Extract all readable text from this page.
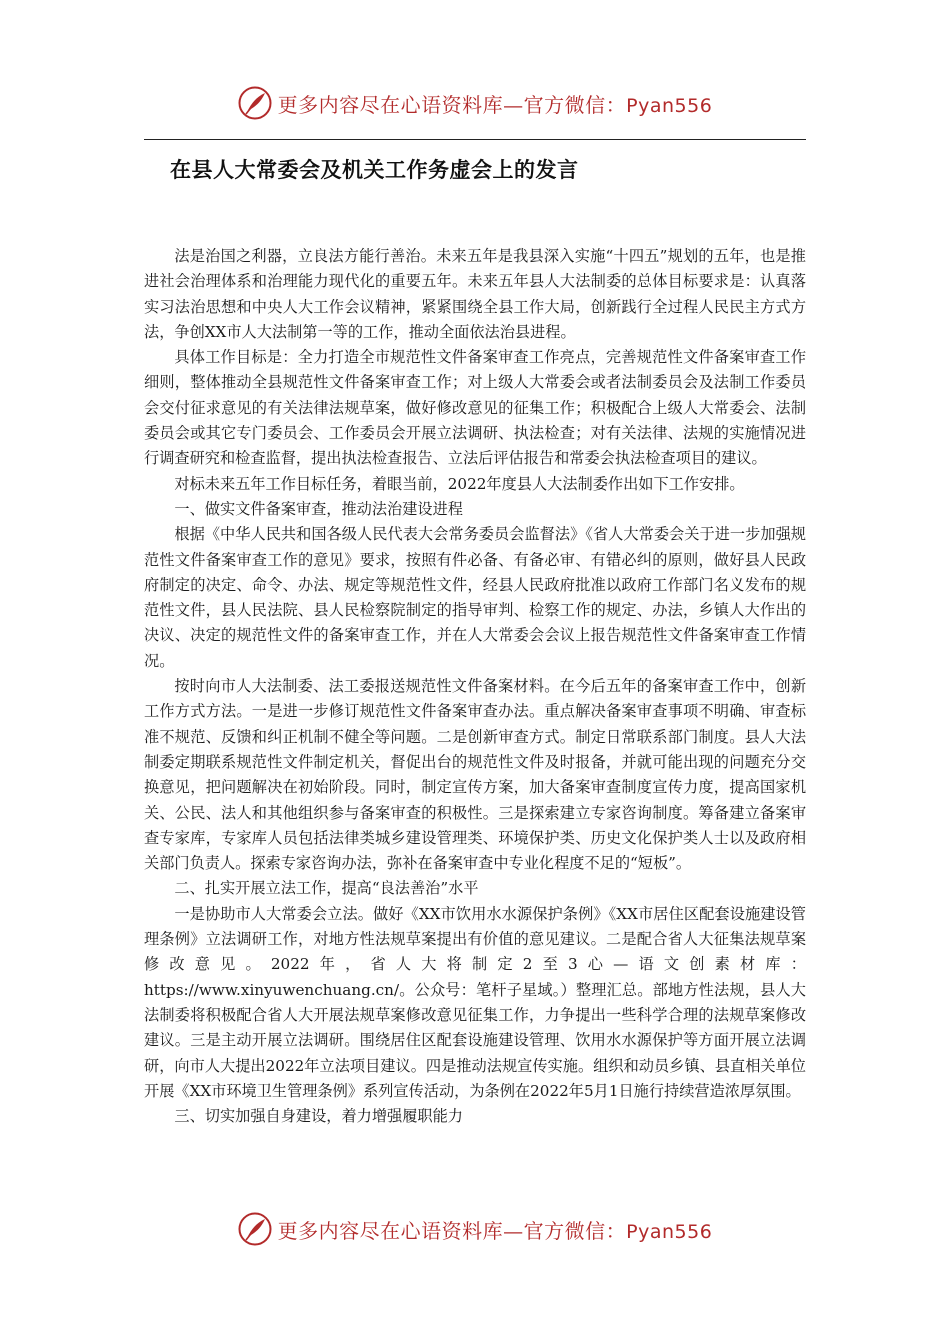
更多内容尽在心语资料库—官方微信：Pyan556
在县人大常委会及机关工作务虚会上的发言

法是治国之利器，立良法方能行善治。未来五年是我县深入实施“十四五”规划的五年，也是推进社会治理体系和治理能力现代化的重要五年。未来五年县人大法制委的总体目标要求是：认真落实习法治思想和中央人大工作会议精神，紧紧围绕全县工作大局，创新践行全过程人民民主方式方法，争创XX市人大法制第一等的工作，推动全面依法治县进程。

具体工作目标是：全力打造全市规范性文件备案审查工作亮点，完善规范性文件备案审查工作细则，整体推动全县规范性文件备案审查工作；对上级人大常委会或者法制委员会及法制工作委员会交付征求意见的有关法律法规草案，做好修改意见的征集工作；积极配合上级人大常委会、法制委员会或其它专门委员会、工作委员会开展立法调研、执法检查；对有关法律、法规的实施情况进行调查研究和检查监督，提出执法检查报告、立法后评估报告和常委会执法检查项目的建议。

对标未来五年工作目标任务，着眼当前，2022年度县人大法制委作出如下工作安排。

一、做实文件备案审查，推动法治建设进程

根据《中华人民共和国各级人民代表大会常务委员会监督法》《省人大常委会关于进一步加强规范性文件备案审查工作的意见》要求，按照有件必备、有备必审、有错必纠的原则，做好县人民政府制定的决定、命令、办法、规定等规范性文件，经县人民政府批准以政府工作部门名义发布的规范性文件，县人民法院、县人民检察院制定的指导审判、检察工作的规定、办法，乡镇人大作出的决议、决定的规范性文件的备案审查工作，并在人大常委会会议上报告规范性文件备案审查工作情况。

按时向市人大法制委、法工委报送规范性文件备案材料。在今后五年的备案审查工作中，创新工作方式方法。一是进一步修订规范性文件备案审查办法。重点解决备案审查事项不明确、审查标准不规范、反馈和纠正机制不健全等问题。二是创新审查方式。制定日常联系部门制度。县人大法制委定期联系规范性文件制定机关，督促出台的规范性文件及时报备，并就可能出现的问题充分交换意见，把问题解决在初始阶段。同时，制定宣传方案，加大备案审查制度宣传力度，提高国家机关、公民、法人和其他组织参与备案审查的积极性。三是探索建立专家咨询制度。筹备建立备案审查专家库，专家库人员包括法律类城乡建设管理类、环境保护类、历史文化保护类人士以及政府相关部门负责人。探索专家咨询办法，弥补在备案审查中专业化程度不足的“短板”。

二、扎实开展立法工作，提高“良法善治”水平

一是协助市人大常委会立法。做好《XX市饮用水水源保护条例》《XX市居住区配套设施建设管理条例》立法调研工作，对地方性法规草案提出有价值的意见建议。二是配合省人大征集法规草案修改意见。2022年，省人大将制定2至3心—语文创素材库：https://www.xinyuwenchuang.cn/。公众号：笔杆子星域。）整理汇总。部地方性法规，县人大法制委将积极配合省人大开展法规草案修改意见征集工作，力争提出一些科学合理的法规草案修改建议。三是主动开展立法调研。围绕居住区配套设施建设管理、饮用水水源保护等方面开展立法调研，向市人大提出2022年立法项目建议。四是推动法规宣传实施。组织和动员乡镇、县直相关单位开展《XX市环境卫生管理条例》系列宣传活动，为条例在2022年5月1日施行持续营造浓厚氛围。

三、切实加强自身建设，着力增强履职能力

更多内容尽在心语资料库—官方微信：Pyan556
